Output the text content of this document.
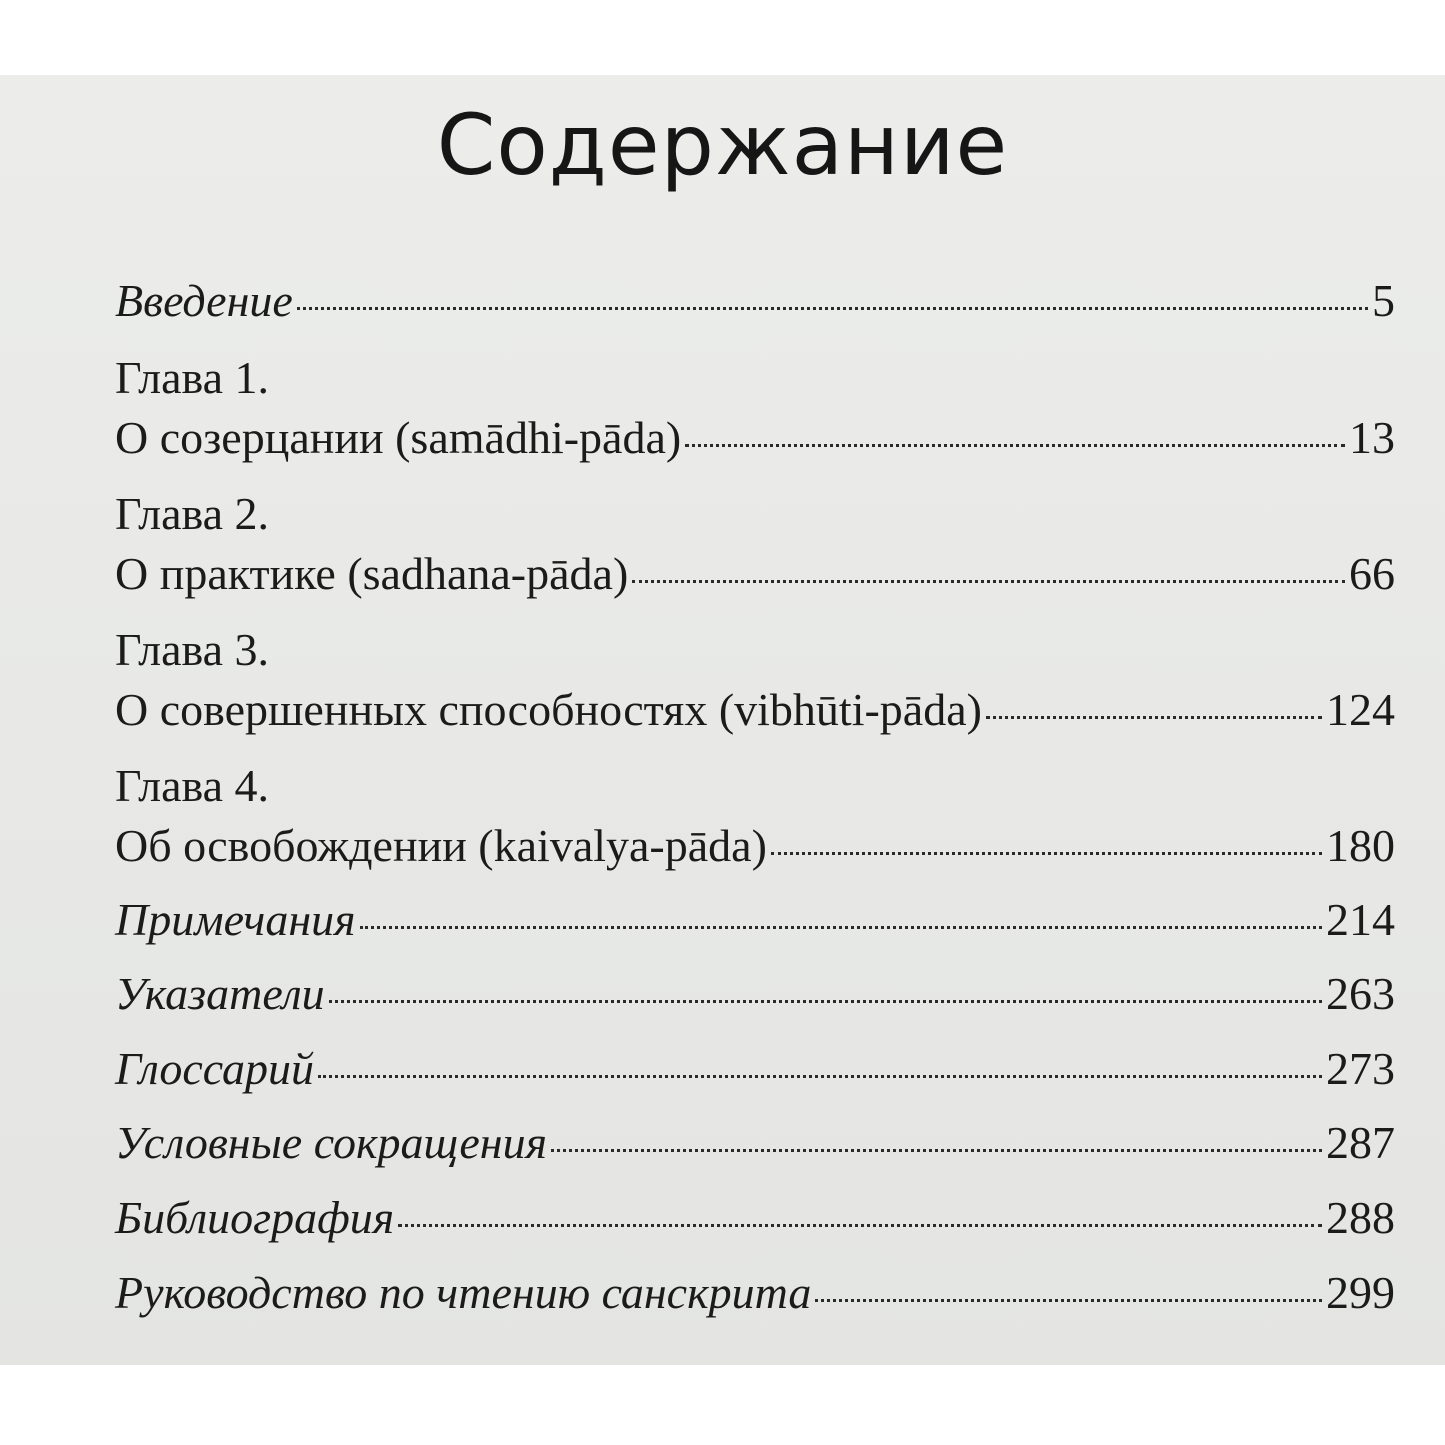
Содержание
Введение	5
Глава 1.
О созерцании (samādhi-pāda)	13
Глава 2.
О практике (sadhana-pāda)	66
Глава 3.
О совершенных способностях (vibhūti-pāda)	124
Глава 4.
Об освобождении (kaivalya-pāda)	180
Примечания	214
Указатели	263
Глоссарий	273
Условные сокращения	287
Библиография	288
Руководство по чтению санскрита	299
